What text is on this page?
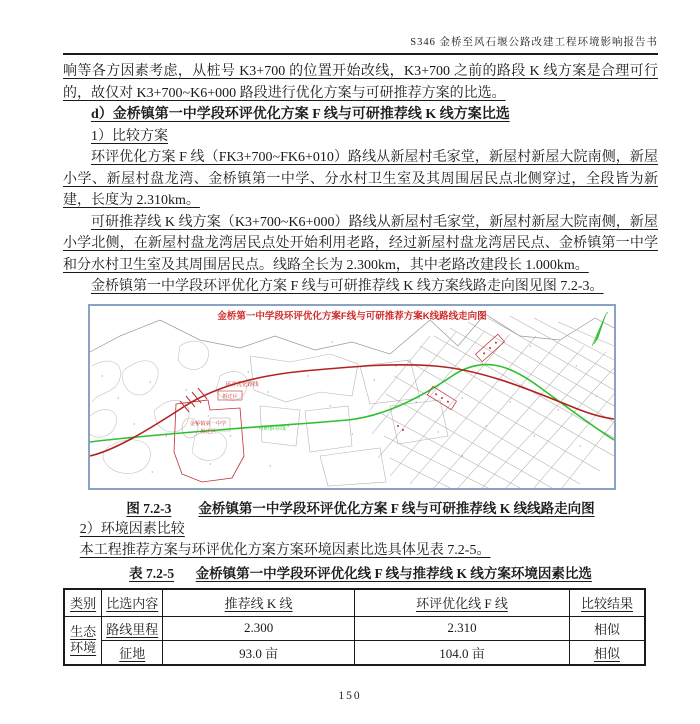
S346 金桥至风石堰公路改建工程环境影响报告书

响等各方因素考虑，从桩号 K3+700 的位置开始改线，K3+700 之前的路段 K 线方案是合理可行的，故仅对 K3+700~K6+000 路段进行优化方案与可研推荐方案的比选。

d）金桥镇第一中学段环评优化方案 F 线与可研推荐线 K 线方案比选

1）比较方案

环评优化方案 F 线（FK3+700~FK6+010）路线从新屋村毛家堂，新屋村新屋大院南侧，新屋小学、新屋村盘龙湾、金桥镇第一中学、分水村卫生室及其周围居民点北侧穿过，全段皆为新建，长度为 2.310km。

可研推荐线 K 线方案（K3+700~K6+000）路线从新屋村毛家堂，新屋村新屋大院南侧，新屋小学北侧，在新屋村盘龙湾居民点处开始利用老路，经过新屋村盘龙湾居民点、金桥镇第一中学和分水村卫生室及其周围居民点。线路全长为 2.300km，其中老路改建段长 1.000km。

金桥镇第一中学段环评优化方案 F 线与可研推荐线 K 线方案线路走向图见图 7.2-3。

金桥第一中学段环评优化方案F线与可研推荐方案K线路线走向图
环评优化路线
拆迁区
金桥镇第一中学
拆迁区	可研推荐线
图 7.2-3 金桥镇第一中学段环评优化方案 F 线与可研推荐线 K 线线路走向图

2）环境因素比较

本工程推荐方案与环评优化方案方案环境因素比选具体见表 7.2-5。

表 7.2-5 金桥镇第一中学段环评优化线 F 线与推荐线 K 线方案环境因素比选
类别	比选内容	推荐线 K 线	环评优化线 F 线	比较结果
生态环境	路线里程	2.300	2.310	相似
	征地	93.0 亩	104.0 亩	相似
150
